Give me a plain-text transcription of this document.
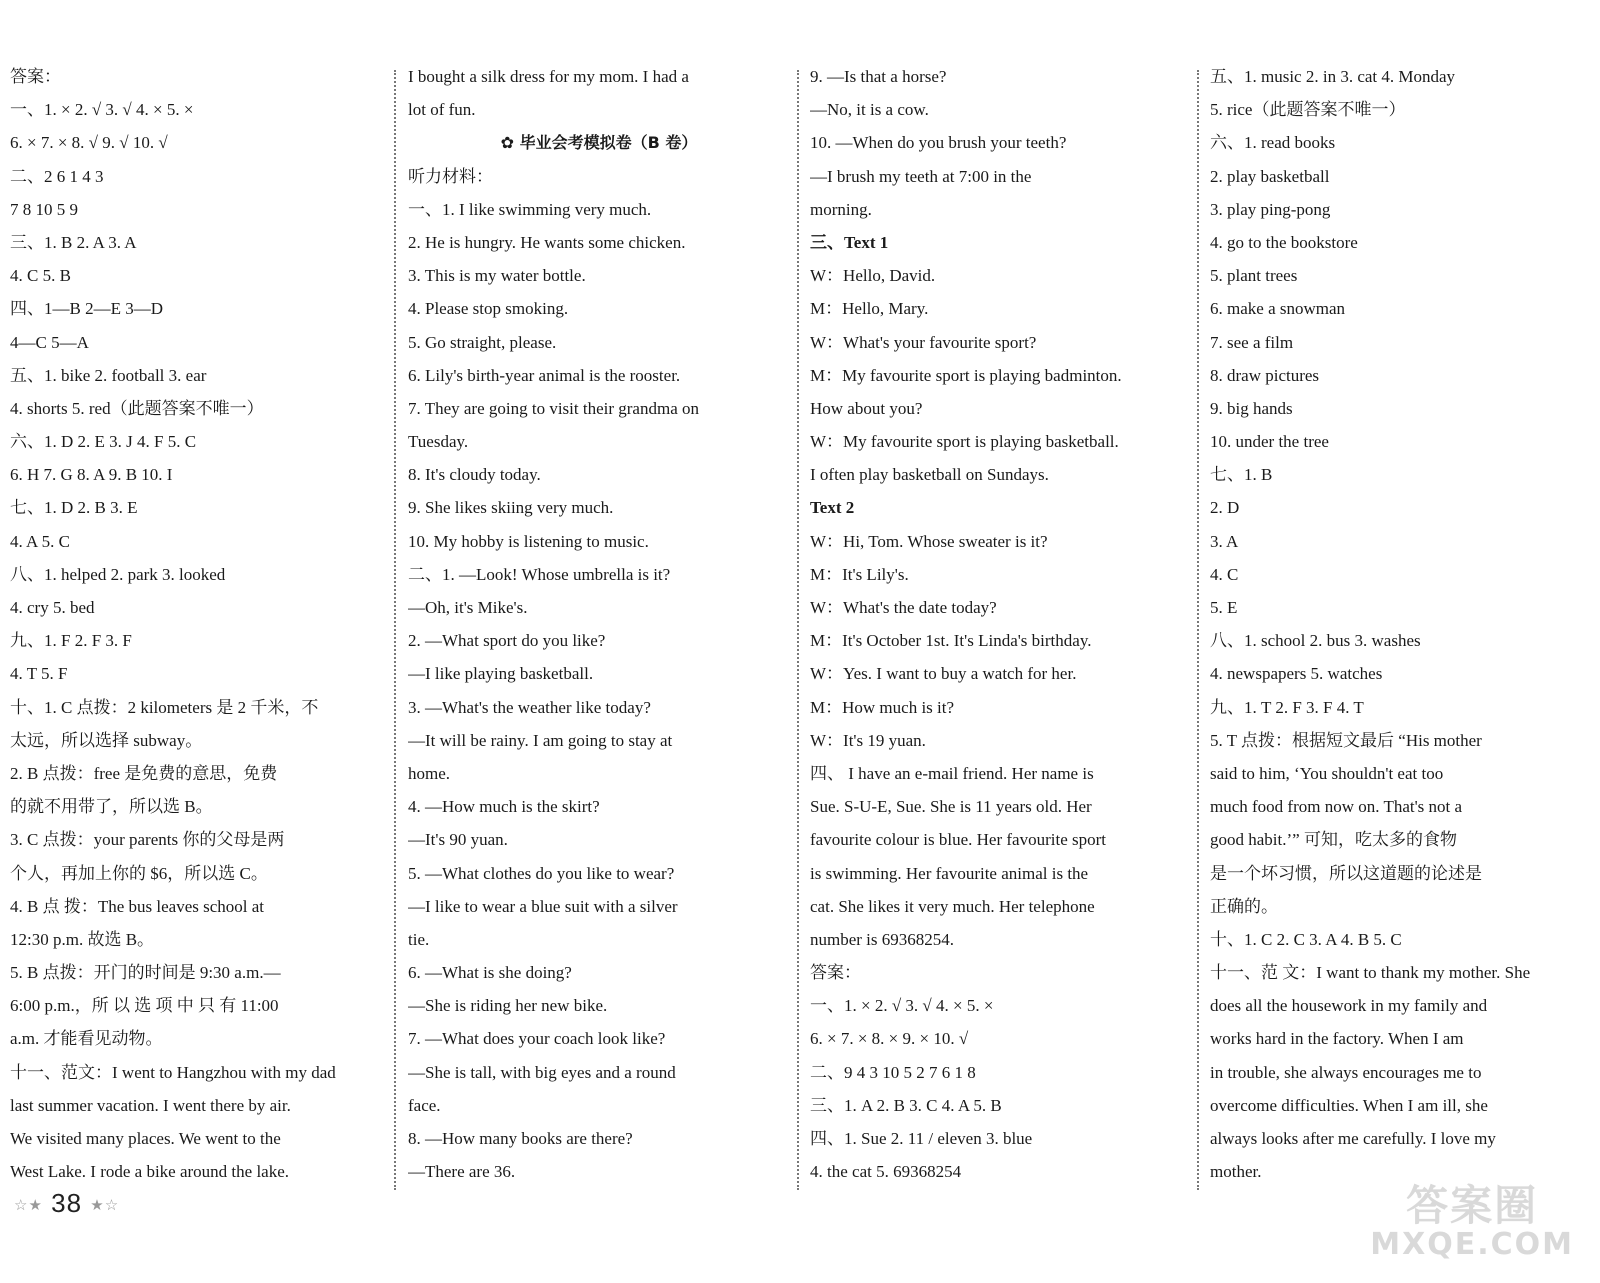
答案：
一、1. × 2. √ 3. √ 4. × 5. ×
6. × 7. × 8. √ 9. √ 10. √
二、2 6 1 4 3
7 8 10 5 9
三、1. B 2. A 3. A
4. C 5. B
四、1—B 2—E 3—D
4—C 5—A
五、1. bike 2. football 3. ear
4. shorts 5. red（此题答案不唯一）
六、1. D 2. E 3. J 4. F 5. C
6. H 7. G 8. A 9. B 10. I
七、1. D 2. B 3. E
4. A 5. C
八、1. helped 2. park 3. looked
4. cry 5. bed
九、1. F 2. F 3. F
4. T 5. F
十、1. C 点拨：2 kilometers 是 2 千米，不
太远，所以选择 subway。
2. B 点拨：free 是免费的意思，免费
的就不用带了，所以选 B。
3. C 点拨：your parents 你的父母是两
个人，再加上你的 $6，所以选 C。
4. B 点 拨：The bus leaves school at
12:30 p.m. 故选 B。
5. B 点拨：开门的时间是 9:30 a.m.—
6:00 p.m.，所 以 选 项 中 只 有 11:00
a.m. 才能看见动物。
十一、范文：I went to Hangzhou with my dad
last summer vacation. I went there by air.
We visited many places. We went to the
West Lake. I rode a bike around the lake.
I bought a silk dress for my mom. I had a
lot of fun.
✿ 毕业会考模拟卷（B 卷）
听力材料：
一、1. I like swimming very much.
2. He is hungry. He wants some chicken.
3. This is my water bottle.
4. Please stop smoking.
5. Go straight, please.
6. Lily's birth-year animal is the rooster.
7. They are going to visit their grandma on
Tuesday.
8. It's cloudy today.
9. She likes skiing very much.
10. My hobby is listening to music.
二、1. —Look! Whose umbrella is it?
—Oh, it's Mike's.
2. —What sport do you like?
—I like playing basketball.
3. —What's the weather like today?
—It will be rainy. I am going to stay at
home.
4. —How much is the skirt?
—It's 90 yuan.
5. —What clothes do you like to wear?
—I like to wear a blue suit with a silver
tie.
6. —What is she doing?
—She is riding her new bike.
7. —What does your coach look like?
—She is tall, with big eyes and a round
face.
8. —How many books are there?
—There are 36.
9. —Is that a horse?
—No, it is a cow.
10. —When do you brush your teeth?
—I brush my teeth at 7:00 in the
morning.
三、Text 1
W：Hello, David.
M：Hello, Mary.
W：What's your favourite sport?
M：My favourite sport is playing badminton.
How about you?
W：My favourite sport is playing basketball.
I often play basketball on Sundays.
Text 2
W：Hi, Tom. Whose sweater is it?
M：It's Lily's.
W：What's the date today?
M：It's October 1st. It's Linda's birthday.
W：Yes. I want to buy a watch for her.
M：How much is it?
W：It's 19 yuan.
四、 I have an e-mail friend. Her name is
Sue. S-U-E, Sue. She is 11 years old. Her
favourite colour is blue. Her favourite sport
is swimming. Her favourite animal is the
cat. She likes it very much. Her telephone
number is 69368254.
答案：
一、1. × 2. √ 3. √ 4. × 5. ×
6. × 7. × 8. × 9. × 10. √
二、9 4 3 10 5 2 7 6 1 8
三、1. A 2. B 3. C 4. A 5. B
四、1. Sue 2. 11 / eleven 3. blue
4. the cat 5. 69368254
五、1. music 2. in 3. cat 4. Monday
5. rice（此题答案不唯一）
六、1. read books
2. play basketball
3. play ping-pong
4. go to the bookstore
5. plant trees
6. make a snowman
7. see a film
8. draw pictures
9. big hands
10. under the tree
七、1. B
2. D
3. A
4. C
5. E
八、1. school 2. bus 3. washes
4. newspapers 5. watches
九、1. T 2. F 3. F 4. T
5. T 点拨：根据短文最后 “His mother
said to him, ‘You shouldn't eat too
much food from now on. That's not a
good habit.’” 可知，吃太多的食物
是一个坏习惯，所以这道题的论述是
正确的。
十、1. C 2. C 3. A 4. B 5. C
十一、范 文：I want to thank my mother. She
does all the housework in my family and
works hard in the factory. When I am
in trouble, she always encourages me to
overcome difficulties. When I am ill, she
always looks after me carefully. I love my
mother.
☆★ 38 ★☆	答案圈
MXQE.COM
